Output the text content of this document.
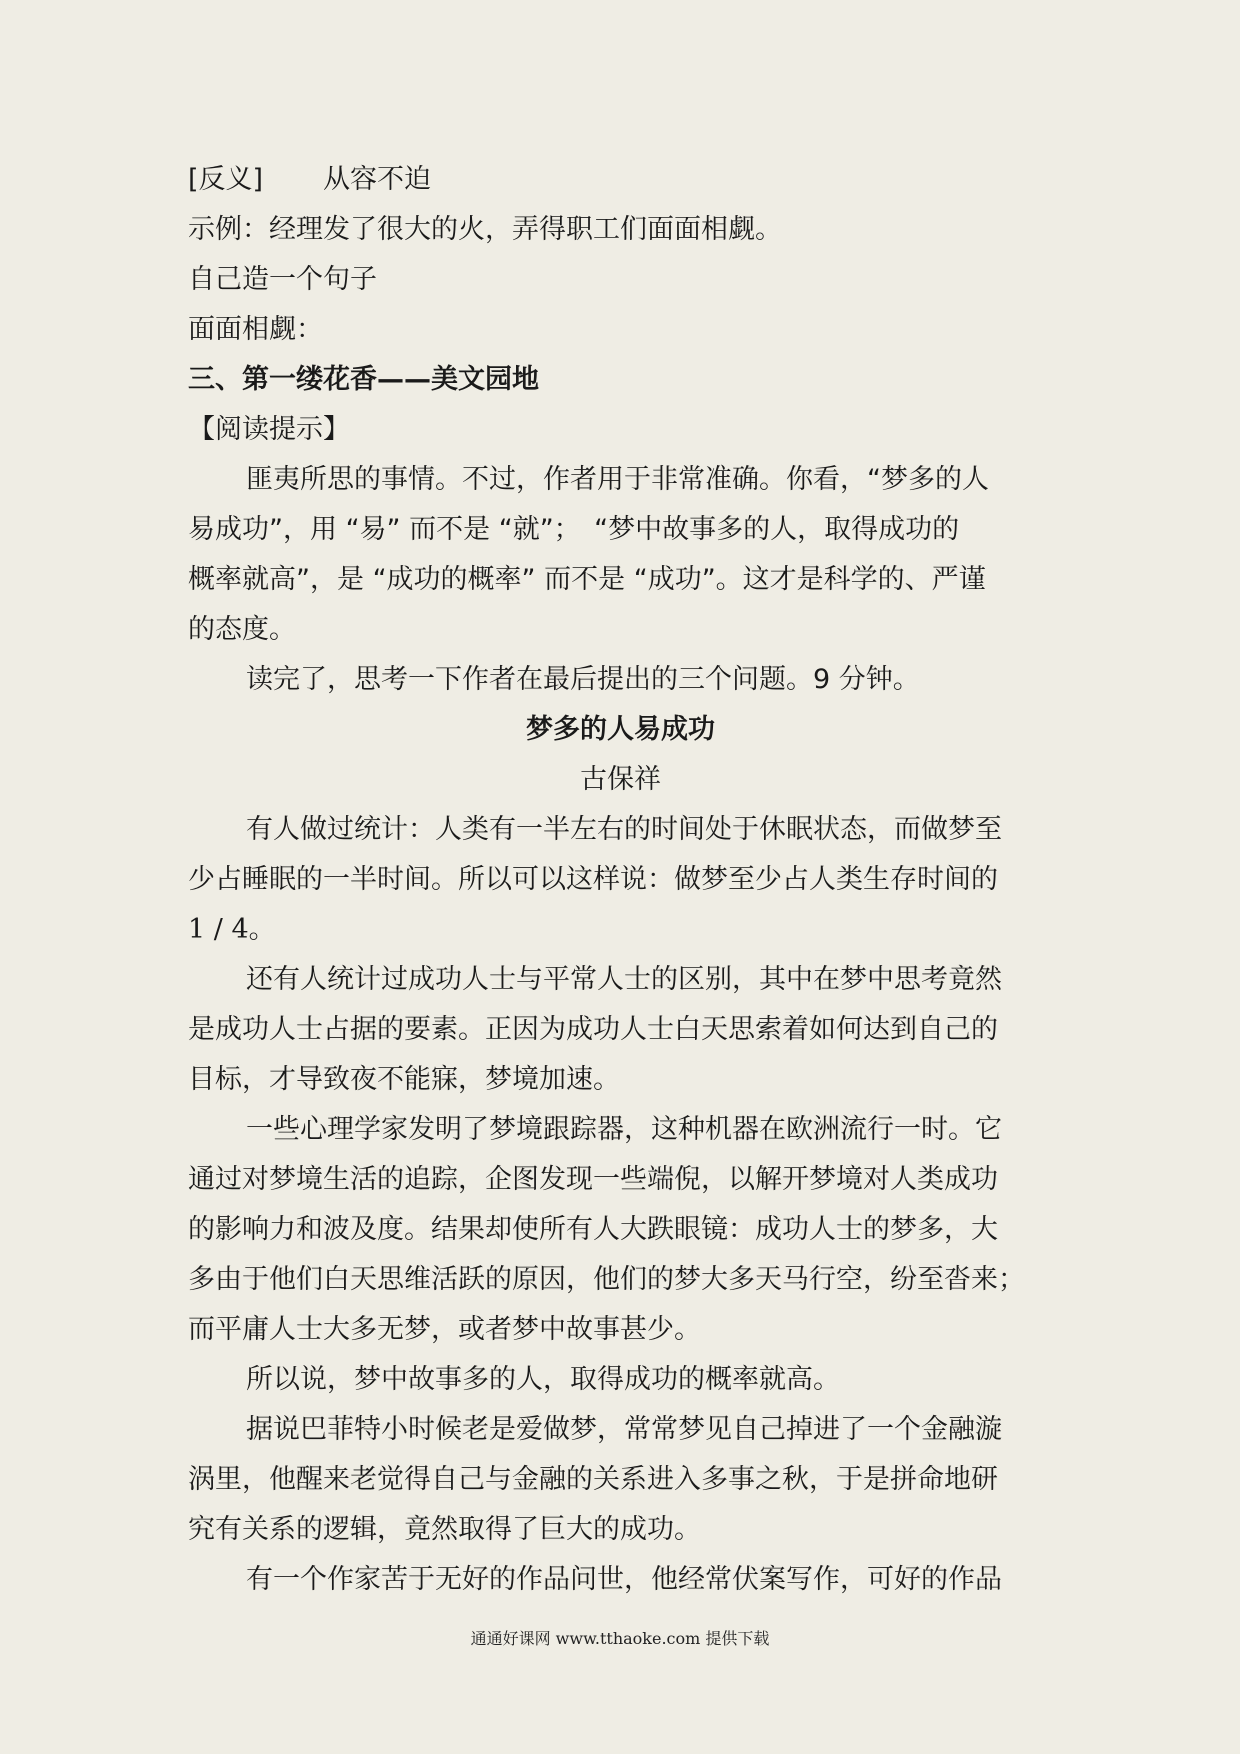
[反义] 从容不迫

示例：经理发了很大的火，弄得职工们面面相觑。

自己造一个句子

面面相觑：

三、第一缕花香——美文园地

【阅读提示】

匪夷所思的事情。不过，作者用于非常准确。你看，“梦多的人

易成功”，用 “易” 而不是 “就”；　“梦中故事多的人，取得成功的

概率就高”，是 “成功的概率” 而不是 “成功”。这才是科学的、严谨

的态度。

读完了，思考一下作者在最后提出的三个问题。9 分钟。

梦多的人易成功

古保祥

有人做过统计：人类有一半左右的时间处于休眠状态，而做梦至

少占睡眠的一半时间。所以可以这样说：做梦至少占人类生存时间的

1 / 4。

还有人统计过成功人士与平常人士的区别，其中在梦中思考竟然

是成功人士占据的要素。正因为成功人士白天思索着如何达到自己的

目标，才导致夜不能寐，梦境加速。

一些心理学家发明了梦境跟踪器，这种机器在欧洲流行一时。它

通过对梦境生活的追踪，企图发现一些端倪，以解开梦境对人类成功

的影响力和波及度。结果却使所有人大跌眼镜：成功人士的梦多，大

多由于他们白天思维活跃的原因，他们的梦大多天马行空，纷至沓来；

而平庸人士大多无梦，或者梦中故事甚少。

所以说，梦中故事多的人，取得成功的概率就高。

据说巴菲特小时候老是爱做梦，常常梦见自己掉进了一个金融漩

涡里，他醒来老觉得自己与金融的关系进入多事之秋，于是拼命地研

究有关系的逻辑，竟然取得了巨大的成功。

有一个作家苦于无好的作品问世，他经常伏案写作，可好的作品

通通好课网 www.tthaoke.com 提供下载
